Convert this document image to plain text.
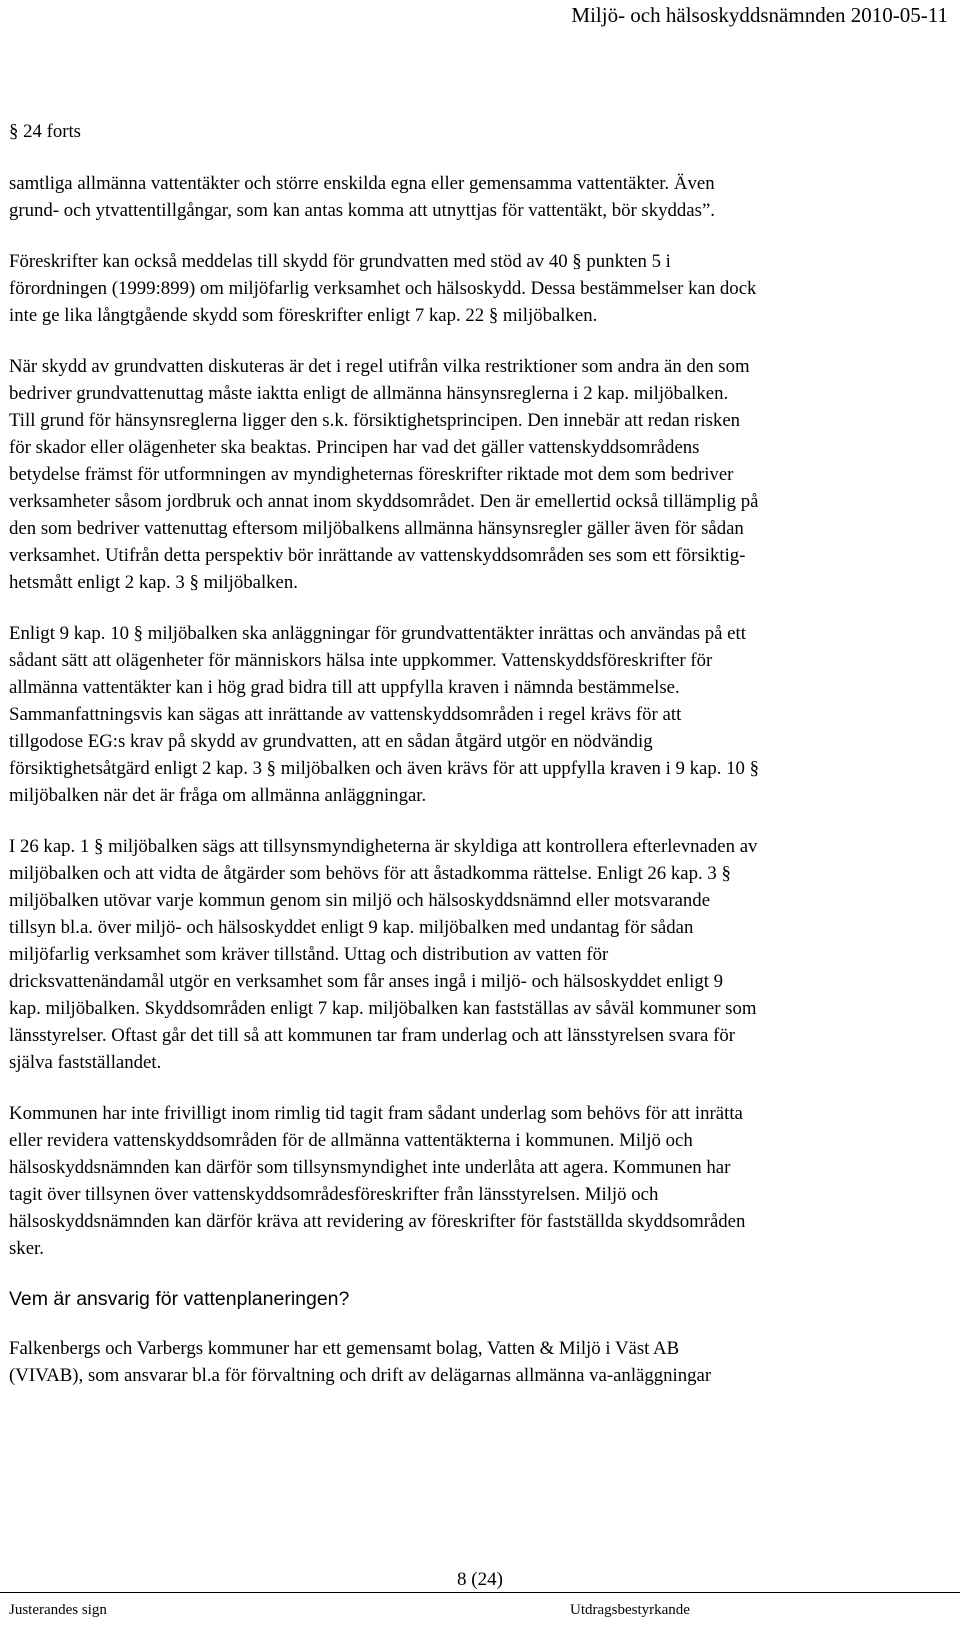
Miljö- och hälsoskyddsnämnden 2010-05-11
§ 24 forts
samtliga allmänna vattentäkter och större enskilda egna eller gemensamma vattentäkter. Även
grund- och ytvattentillgångar, som kan antas komma att utnyttjas för vattentäkt, bör skyddas”.
Föreskrifter kan också meddelas till skydd för grundvatten med stöd av 40 § punkten 5 i
förordningen (1999:899) om miljöfarlig verksamhet och hälsoskydd. Dessa bestämmelser kan dock
inte ge lika långtgående skydd som föreskrifter enligt 7 kap. 22 § miljöbalken.
När skydd av grundvatten diskuteras är det i regel utifrån vilka restriktioner som andra än den som
bedriver grundvattenuttag måste iaktta enligt de allmänna hänsynsreglerna i 2 kap. miljöbalken.
Till grund för hänsynsreglerna ligger den s.k. försiktighetsprincipen. Den innebär att redan risken
för skador eller olägenheter ska beaktas. Principen har vad det gäller vattenskyddsområdens
betydelse främst för utformningen av myndigheternas föreskrifter riktade mot dem som bedriver
verksamheter såsom jordbruk och annat inom skyddsområdet. Den är emellertid också tillämplig på
den som bedriver vattenuttag eftersom miljöbalkens allmänna hänsynsregler gäller även för sådan
verksamhet. Utifrån detta perspektiv bör inrättande av vattenskyddsområden ses som ett försiktig-
hetsmått enligt 2 kap. 3 § miljöbalken.
Enligt 9 kap. 10 § miljöbalken ska anläggningar för grundvattentäkter inrättas och användas på ett
sådant sätt att olägenheter för människors hälsa inte uppkommer. Vattenskyddsföreskrifter för
allmänna vattentäkter kan i hög grad bidra till att uppfylla kraven i nämnda bestämmelse.
Sammanfattningsvis kan sägas att inrättande av vattenskyddsområden i regel krävs för att
tillgodose EG:s krav på skydd av grundvatten, att en sådan åtgärd utgör en nödvändig
försiktighetsåtgärd enligt 2 kap. 3 § miljöbalken och även krävs för att uppfylla kraven i 9 kap. 10 §
miljöbalken när det är fråga om allmänna anläggningar.
I 26 kap. 1 § miljöbalken sägs att tillsynsmyndigheterna är skyldiga att kontrollera efterlevnaden av
miljöbalken och att vidta de åtgärder som behövs för att åstadkomma rättelse. Enligt 26 kap. 3 §
miljöbalken utövar varje kommun genom sin miljö och hälsoskyddsnämnd eller motsvarande
tillsyn bl.a. över miljö- och hälsoskyddet enligt 9 kap. miljöbalken med undantag för sådan
miljöfarlig verksamhet som kräver tillstånd. Uttag och distribution av vatten för
dricksvattenändamål utgör en verksamhet som får anses ingå i miljö- och hälsoskyddet enligt 9
kap. miljöbalken. Skyddsområden enligt 7 kap. miljöbalken kan fastställas av såväl kommuner som
länsstyrelser. Oftast går det till så att kommunen tar fram underlag och att länsstyrelsen svara för
själva fastställandet.
Kommunen har inte frivilligt inom rimlig tid tagit fram sådant underlag som behövs för att inrätta
eller revidera vattenskyddsområden för de allmänna vattentäkterna i kommunen. Miljö och
hälsoskyddsnämnden kan därför som tillsynsmyndighet inte underlåta att agera. Kommunen har
tagit över tillsynen över vattenskyddsområdesföreskrifter från länsstyrelsen. Miljö och
hälsoskyddsnämnden kan därför kräva att revidering av föreskrifter för fastställda skyddsområden
sker.
Vem är ansvarig för vattenplaneringen?
Falkenbergs och Varbergs kommuner har ett gemensamt bolag, Vatten & Miljö i Väst AB
(VIVAB), som ansvarar bl.a för förvaltning och drift av delägarnas allmänna va-anläggningar
8 (24)
Justerandes sign	Utdragsbestyrkande
